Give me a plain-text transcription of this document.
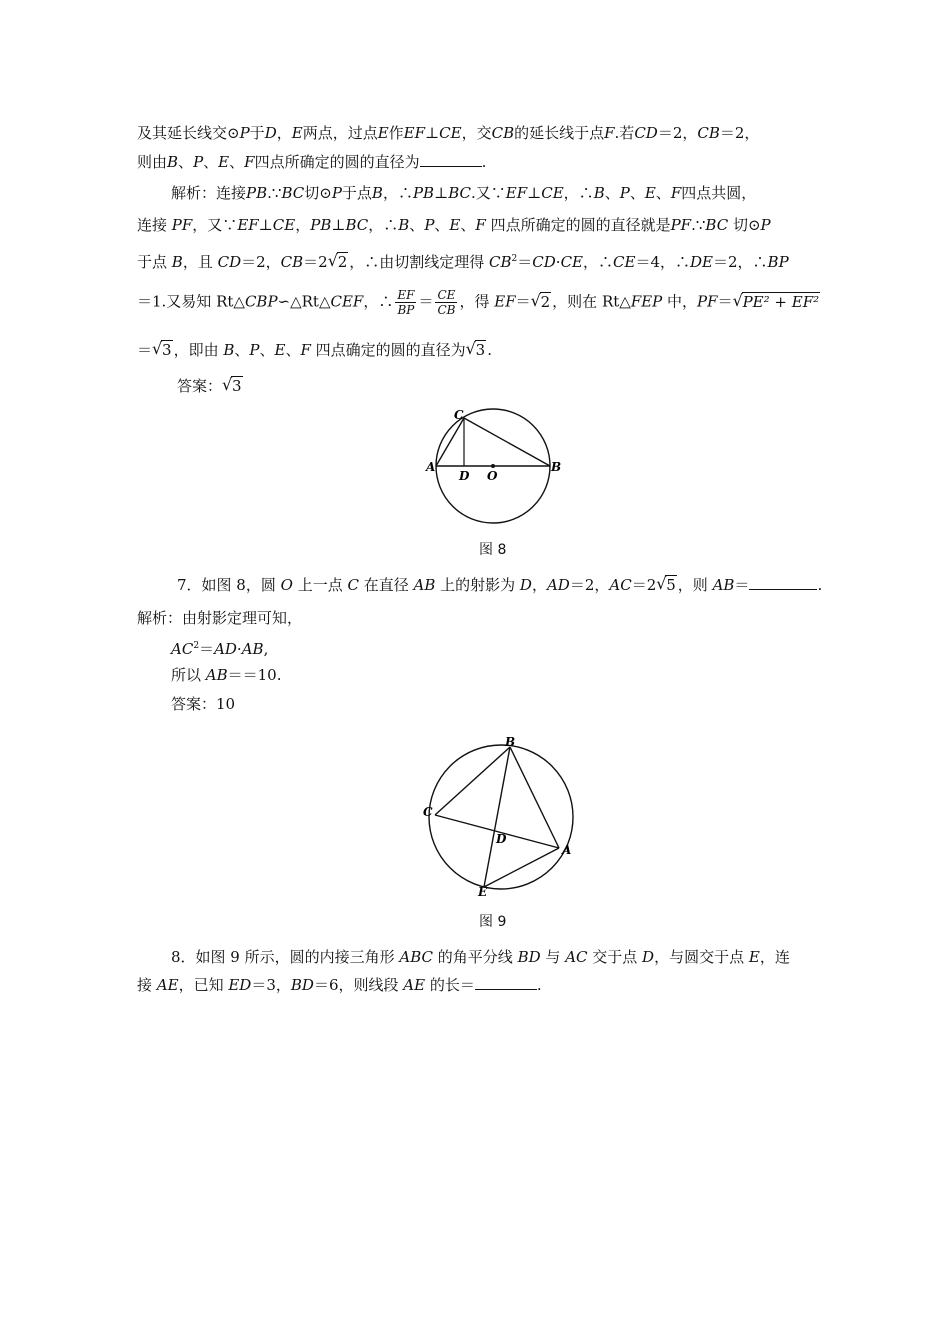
及其延长线交⊙P于D，E两点，过点E作EF⊥CE，交CB的延长线于点F.若CD＝2，CB＝2，
则由B、P、E、F四点所确定的圆的直径为	.
解析：连接PB.∵BC切⊙P于点B，∴PB⊥BC.又∵EF⊥CE，∴B、P、E、F四点共圆，
连接 PF，又∵EF⊥CE，PB⊥BC，∴B、P、E、F 四点所确定的圆的直径就是PF.∵BC 切⊙P
于点 B，且 CD＝2，CB＝2 √ 2 ，∴由切割线定理得 $CB^2=CD\cdot CE$，∴CE＝4，∴DE＝2，∴BP
＝1.又易知 Rt△CBP∽△Rt△CEF，∴ $\frac{EF}{BP} = \frac{CE}{CB}$ ，得 EF＝ √ 2 ，则在 Rt△FEP 中，PF＝ √ PE² + EF²
＝ √ 3 ，即由 B、P、E、F 四点确定的圆的直径为 √ 3 .
答案： √ 3
C
A
D O
B
图 8
7．如图 8，圆 O 上一点 C 在直径 AB 上的射影为 D，AD＝2，AC＝2 √ 5 ，则 AB＝	.
解析：由射影定理可知，
$AC^2=AD\cdot AB$,
所以 AB＝＝10.
答案：10
B
C
D
A
E
图 9
8．如图 9 所示，圆的内接三角形 ABC 的角平分线 BD 与 AC 交于点 D，与圆交于点 E，连
接 AE，已知 ED＝3，BD＝6，则线段 AE 的长＝	.
